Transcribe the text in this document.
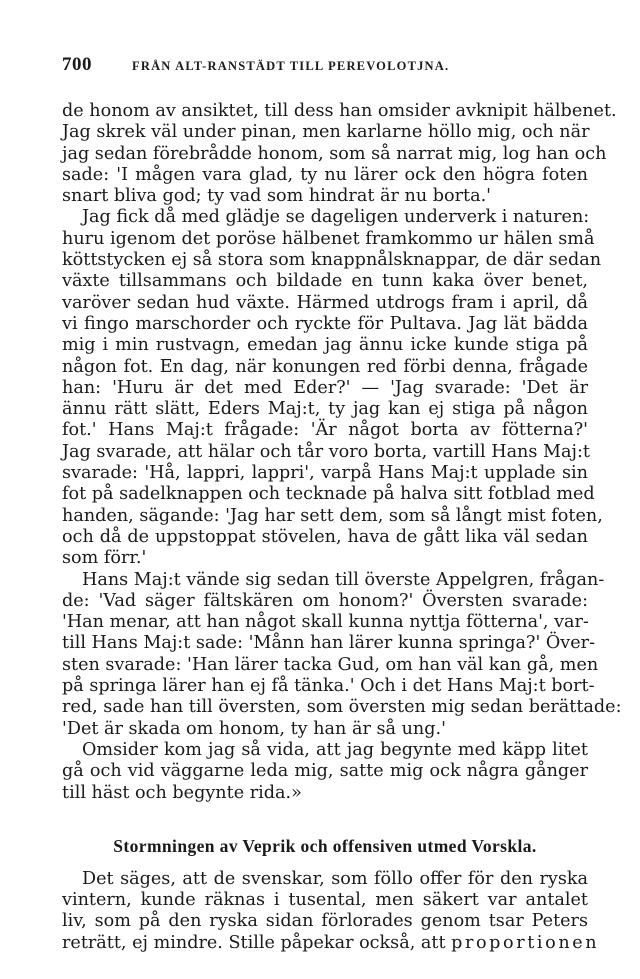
700	FRÅN ALT-RANSTÄDT TILL PEREVOLOTJNA.
de honom av ansiktet, till dess han omsider avknipit hälbenet.
Jag skrek väl under pinan, men karlarne höllo mig, och när
jag sedan förebrådde honom, som så narrat mig, log han och
sade: 'I mågen vara glad, ty nu lärer ock den högra foten
snart bliva god; ty vad som hindrat är nu borta.'
Jag fick då med glädje se dageligen underverk i naturen:
huru igenom det poröse hälbenet framkommo ur hälen små
köttstycken ej så stora som knappnålsknappar, de där sedan
växte tillsammans och bildade en tunn kaka över benet,
varöver sedan hud växte. Härmed utdrogs fram i april, då
vi fingo marschorder och ryckte för Pultava. Jag lät bädda
mig i min rustvagn, emedan jag ännu icke kunde stiga på
någon fot. En dag, när konungen red förbi denna, frågade
han: 'Huru är det med Eder?' — 'Jag svarade: 'Det är
ännu rätt slätt, Eders Maj:t, ty jag kan ej stiga på någon
fot.' Hans Maj:t frågade: 'Är något borta av fötterna?'
Jag svarade, att hälar och tår voro borta, vartill Hans Maj:t
svarade: 'Hå, lappri, lappri', varpå Hans Maj:t upplade sin
fot på sadelknappen och tecknade på halva sitt fotblad med
handen, sägande: 'Jag har sett dem, som så långt mist foten,
och då de uppstoppat stövelen, hava de gått lika väl sedan
som förr.'
Hans Maj:t vände sig sedan till överste Appelgren, frågan-
de: 'Vad säger fältskären om honom?' Översten svarade:
'Han menar, att han något skall kunna nyttja fötterna', var-
till Hans Maj:t sade: 'Månn han lärer kunna springa?' Över-
sten svarade: 'Han lärer tacka Gud, om han väl kan gå, men
på springa lärer han ej få tänka.' Och i det Hans Maj:t bort-
red, sade han till översten, som översten mig sedan berättade:
'Det är skada om honom, ty han är så ung.'
Omsider kom jag så vida, att jag begynte med käpp litet
gå och vid väggarne leda mig, satte mig ock några gånger
till häst och begynte rida.»
Stormningen av Veprik och offensiven utmed Vorskla.
Det säges, att de svenskar, som föllo offer för den ryska
vintern, kunde räknas i tusental, men säkert var antalet
liv, som på den ryska sidan förlorades genom tsar Peters
reträtt, ej mindre. Stille påpekar också, att proportionen
